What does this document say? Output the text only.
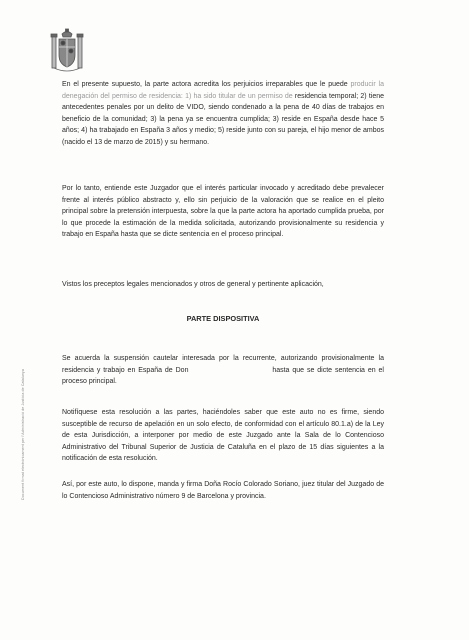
Document firmat electrònicament per l'Administració de Justícia de Catalunya

En el presente supuesto, la parte actora acredita los perjuicios irreparables que le puede producir la denegación del permiso de residencia: 1) ha sido titular de un permiso de residencia temporal; 2) tiene antecedentes penales por un delito de VIDO, siendo condenado a la pena de 40 días de trabajos en beneficio de la comunidad; 3) la pena ya se encuentra cumplida; 3) reside en España desde hace 5 años; 4) ha trabajado en España 3 años y medio; 5) reside junto con su pareja, el hijo menor de ambos (nacido el 13 de marzo de 2015) y su hermano.

Por lo tanto, entiende este Juzgador que el interés particular invocado y acreditado debe prevalecer frente al interés público abstracto y, ello sin perjuicio de la valoración que se realice en el pleito principal sobre la pretensión interpuesta, sobre la que la parte actora ha aportado cumplida prueba, por lo que procede la estimación de la medida solicitada, autorizando provisionalmente su residencia y trabajo en España hasta que se dicte sentencia en el proceso principal.

Vistos los preceptos legales mencionados y otros de general y pertinente aplicación,

PARTE DISPOSITIVA

Se acuerda la suspensión cautelar interesada por la recurrente, autorizando provisionalmente la residencia y trabajo en España de Don	hasta que se dicte sentencia en el proceso principal.

Notifíquese esta resolución a las partes, haciéndoles saber que este auto no es firme, siendo susceptible de recurso de apelación en un solo efecto, de conformidad con el artículo 80.1.a) de la Ley de esta Jurisdicción, a interponer por medio de este Juzgado ante la Sala de lo Contencioso Administrativo del Tribunal Superior de Justicia de Cataluña en el plazo de 15 días siguientes a la notificación de esta resolución.

Así, por este auto, lo dispone, manda y firma Doña Rocío Colorado Soriano, juez titular del Juzgado de lo Contencioso Administrativo número 9 de Barcelona y provincia.
